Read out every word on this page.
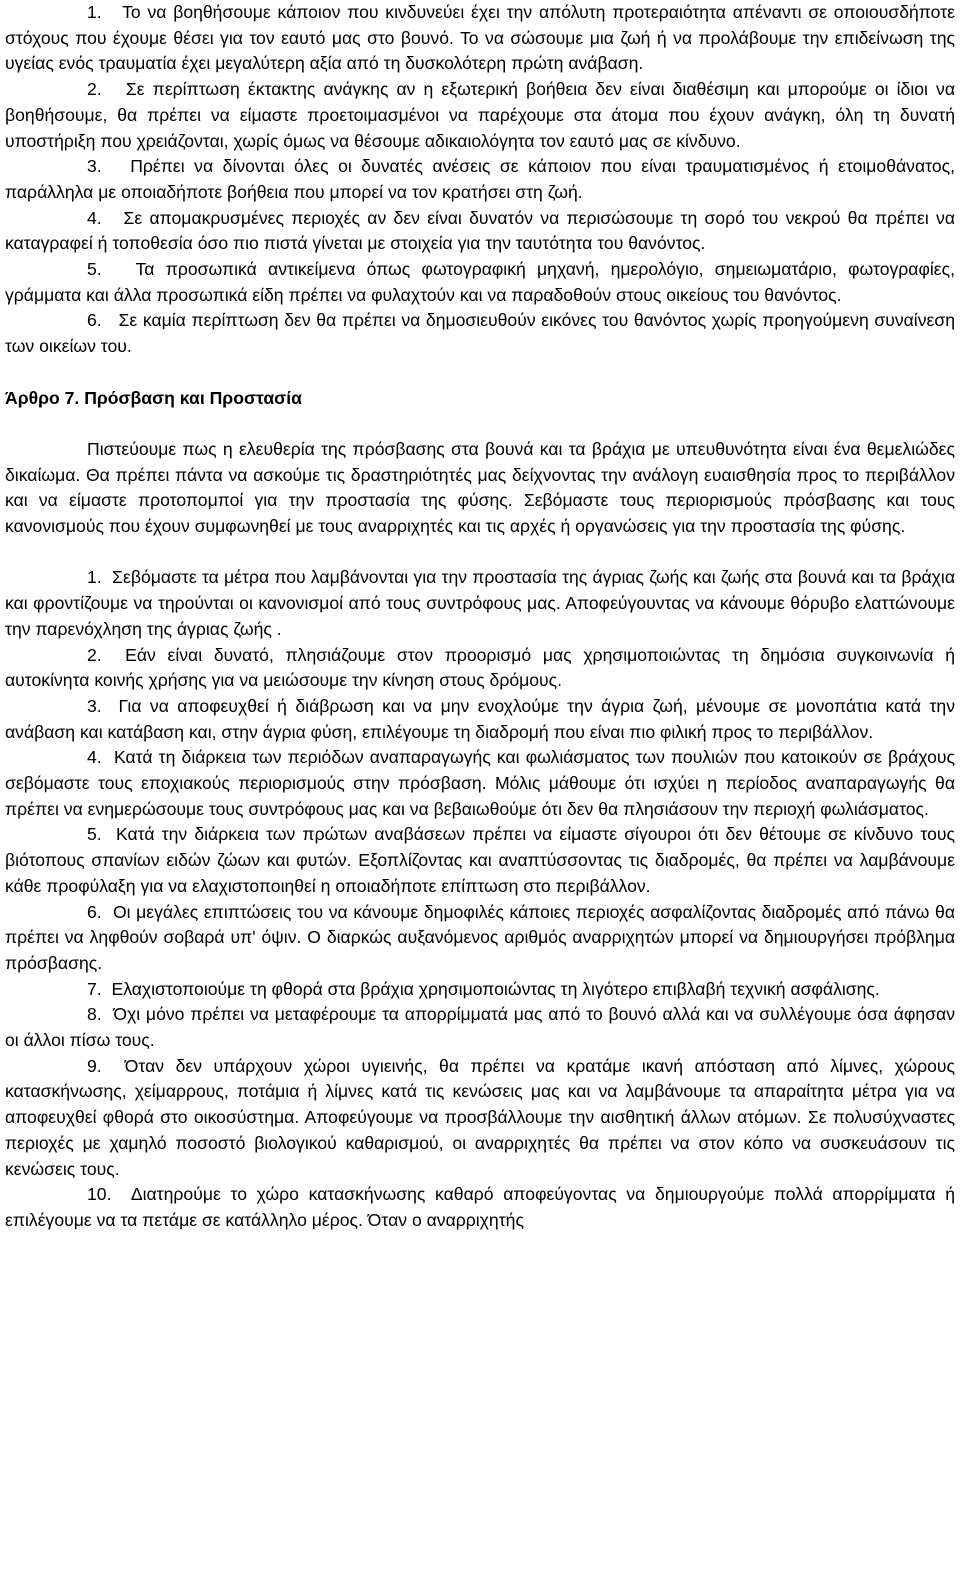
1. Το να βοηθήσουμε κάποιον που κινδυνεύει έχει την απόλυτη προτεραιότητα απέναντι σε οποιουσδήποτε στόχους που έχουμε θέσει για τον εαυτό μας στο βουνό. Το να σώσουμε μια ζωή ή να προλάβουμε την επιδείνωση της υγείας ενός τραυματία έχει μεγαλύτερη αξία από τη δυσκολότερη πρώτη ανάβαση.

2. Σε περίπτωση έκτακτης ανάγκης αν η εξωτερική βοήθεια δεν είναι διαθέσιμη και μπορούμε οι ίδιοι να βοηθήσουμε, θα πρέπει να είμαστε προετοιμασμένοι να παρέχουμε στα άτομα που έχουν ανάγκη, όλη τη δυνατή υποστήριξη που χρειάζονται, χωρίς όμως να θέσουμε αδικαιολόγητα τον εαυτό μας σε κίνδυνο.

3. Πρέπει να δίνονται όλες οι δυνατές ανέσεις σε κάποιον που είναι τραυματισμένος ή ετοιμοθάνατος, παράλληλα με οποιαδήποτε βοήθεια που μπορεί να τον κρατήσει στη ζωή.

4. Σε απομακρυσμένες περιοχές αν δεν είναι δυνατόν να περισώσουμε τη σορό του νεκρού θα πρέπει να καταγραφεί ή τοποθεσία όσο πιο πιστά γίνεται με στοιχεία για την ταυτότητα του θανόντος.

5. Τα προσωπικά αντικείμενα όπως φωτογραφική μηχανή, ημερολόγιο, σημειωματάριο, φωτογραφίες, γράμματα και άλλα προσωπικά είδη πρέπει να φυλαχτούν και να παραδοθούν στους οικείους του θανόντος.

6. Σε καμία περίπτωση δεν θα πρέπει να δημοσιευθούν εικόνες του θανόντος χωρίς προηγούμενη συναίνεση των οικείων του.

Άρθρο 7. Πρόσβαση και Προστασία

Πιστεύουμε πως η ελευθερία της πρόσβασης στα βουνά και τα βράχια με υπευθυνότητα είναι ένα θεμελιώδες δικαίωμα. Θα πρέπει πάντα να ασκούμε τις δραστηριότητές μας δείχνοντας την ανάλογη ευαισθησία προς το περιβάλλον και να είμαστε προτοπομποί για την προστασία της φύσης. Σεβόμαστε τους περιορισμούς πρόσβασης και τους κανονισμούς που έχουν συμφωνηθεί με τους αναρριχητές και τις αρχές ή οργανώσεις για την προστασία της φύσης.

1. Σεβόμαστε τα μέτρα που λαμβάνονται για την προστασία της άγριας ζωής και ζωής στα βουνά και τα βράχια και φροντίζουμε να τηρούνται οι κανονισμοί από τους συντρόφους μας. Αποφεύγουντας να κάνουμε θόρυβο ελαττώνουμε την παρενόχληση της άγριας ζωής .

2. Εάν είναι δυνατό, πλησιάζουμε στον προορισμό μας χρησιμοποιώντας τη δημόσια συγκοινωνία ή αυτοκίνητα κοινής χρήσης για να μειώσουμε την κίνηση στους δρόμους.

3. Για να αποφευχθεί ή διάβρωση και να μην ενοχλούμε την άγρια ζωή, μένουμε σε μονοπάτια κατά την ανάβαση και κατάβαση και, στην άγρια φύση, επιλέγουμε τη διαδρομή που είναι πιο φιλική προς το περιβάλλον.

4. Κατά τη διάρκεια των περιόδων αναπαραγωγής και φωλιάσματος των πουλιών που κατοικούν σε βράχους σεβόμαστε τους εποχιακούς περιορισμούς στην πρόσβαση. Μόλις μάθουμε ότι ισχύει η περίοδος αναπαραγωγής θα πρέπει να ενημερώσουμε τους συντρόφους μας και να βεβαιωθούμε ότι δεν θα πλησιάσουν την περιοχή φωλιάσματος.

5. Κατά την διάρκεια των πρώτων αναβάσεων πρέπει να είμαστε σίγουροι ότι δεν θέτουμε σε κίνδυνο τους βιότοπους σπανίων ειδών ζώων και φυτών. Εξοπλίζοντας και αναπτύσσοντας τις διαδρομές, θα πρέπει να λαμβάνουμε κάθε προφύλαξη για να ελαχιστοποιηθεί η οποιαδήποτε επίπτωση στο περιβάλλον.

6. Οι μεγάλες επιπτώσεις του να κάνουμε δημοφιλές κάποιες περιοχές ασφαλίζοντας διαδρομές από πάνω θα πρέπει να ληφθούν σοβαρά υπ' όψιν. Ο διαρκώς αυξανόμενος αριθμός αναρριχητών μπορεί να δημιουργήσει πρόβλημα πρόσβασης.

7. Ελαχιστοποιούμε τη φθορά στα βράχια χρησιμοποιώντας τη λιγότερο επιβλαβή τεχνική ασφάλισης.

8. Όχι μόνο πρέπει να μεταφέρουμε τα απορρίμματά μας από το βουνό αλλά και να συλλέγουμε όσα άφησαν οι άλλοι πίσω τους.

9. Όταν δεν υπάρχουν χώροι υγιεινής, θα πρέπει να κρατάμε ικανή απόσταση από λίμνες, χώρους κατασκήνωσης, χείμαρρους, ποτάμια ή λίμνες κατά τις κενώσεις μας και να λαμβάνουμε τα απαραίτητα μέτρα για να αποφευχθεί φθορά στο οικοσύστημα. Αποφεύγουμε να προσβάλλουμε την αισθητική άλλων ατόμων. Σε πολυσύχναστες περιοχές με χαμηλό ποσοστό βιολογικού καθαρισμού, οι αναρριχητές θα πρέπει να στον κόπο να συσκευάσουν τις κενώσεις τους.

10. Διατηρούμε το χώρο κατασκήνωσης καθαρό αποφεύγοντας να δημιουργούμε πολλά απορρίμματα ή επιλέγουμε να τα πετάμε σε κατάλληλο μέρος. Όταν ο αναρριχητής
